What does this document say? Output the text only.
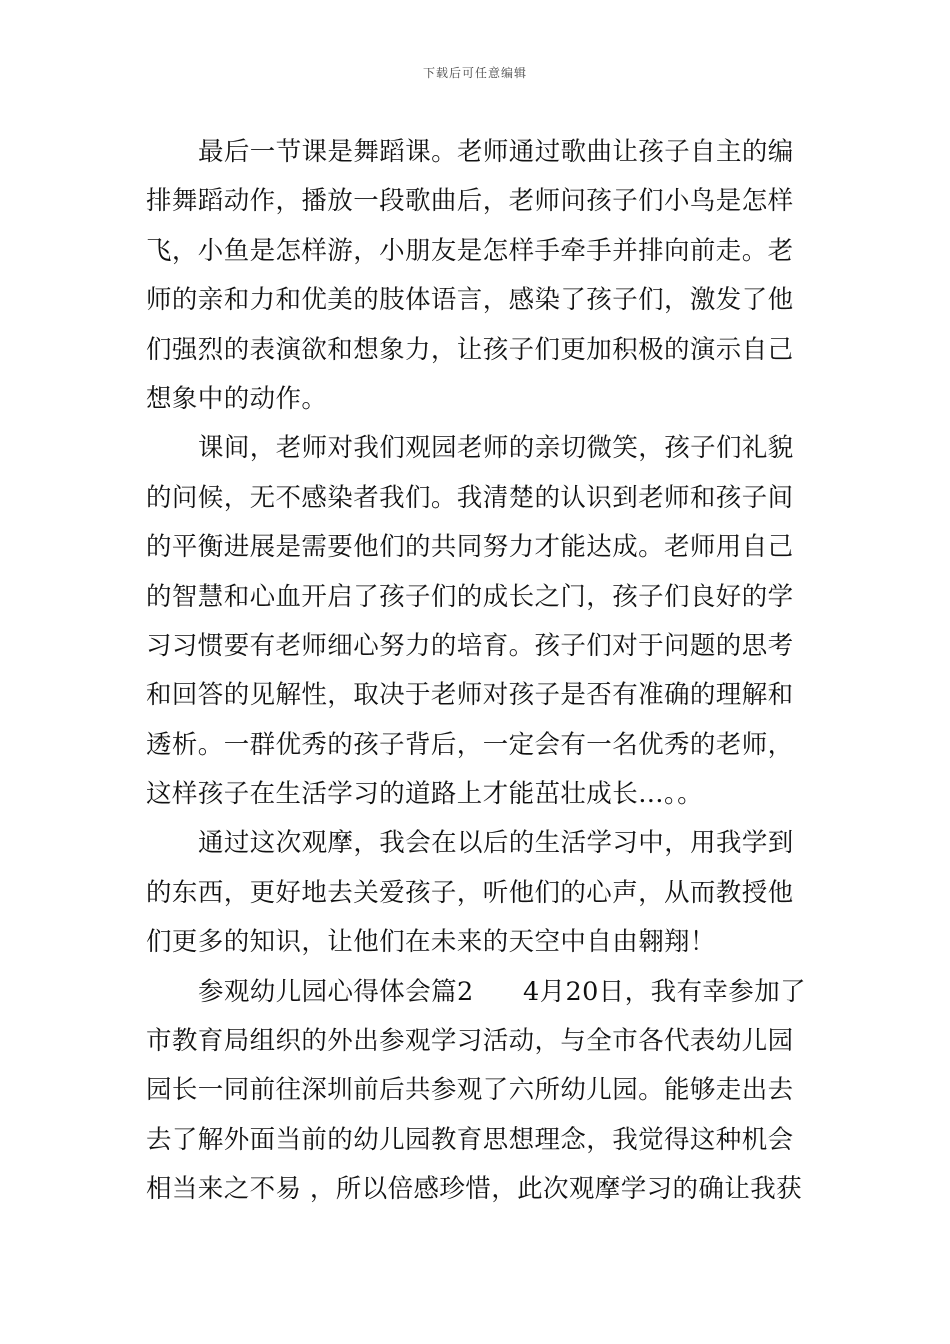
下载后可任意编辑
最后一节课是舞蹈课。老师通过歌曲让孩子自主的编
排舞蹈动作，播放一段歌曲后，老师问孩子们小鸟是怎样
飞，小鱼是怎样游，小朋友是怎样手牵手并排向前走。老
师的亲和力和优美的肢体语言，感染了孩子们，激发了他
们强烈的表演欲和想象力，让孩子们更加积极的演示自己
想象中的动作。
课间，老师对我们观园老师的亲切微笑，孩子们礼貌
的问候，无不感染者我们。我清楚的认识到老师和孩子间
的平衡进展是需要他们的共同努力才能达成。老师用自己
的智慧和心血开启了孩子们的成长之门，孩子们良好的学
习习惯要有老师细心努力的培育。孩子们对于问题的思考
和回答的见解性，取决于老师对孩子是否有准确的理解和
透析。一群优秀的孩子背后，一定会有一名优秀的老师，
这样孩子在生活学习的道路上才能茁壮成长…。。
通过这次观摩，我会在以后的生活学习中，用我学到
的东西，更好地去关爱孩子，听他们的心声，从而教授他
们更多的知识，让他们在未来的天空中自由翱翔！
参观幼儿园心得体会篇2 4月20日，我有幸参加了
市教育局组织的外出参观学习活动，与全市各代表幼儿园
园长一同前往深圳前后共参观了六所幼儿园。能够走出去
去了解外面当前的幼儿园教育思想理念，我觉得这种机会
相当来之不易 ，所以倍感珍惜，此次观摩学习的确让我获
